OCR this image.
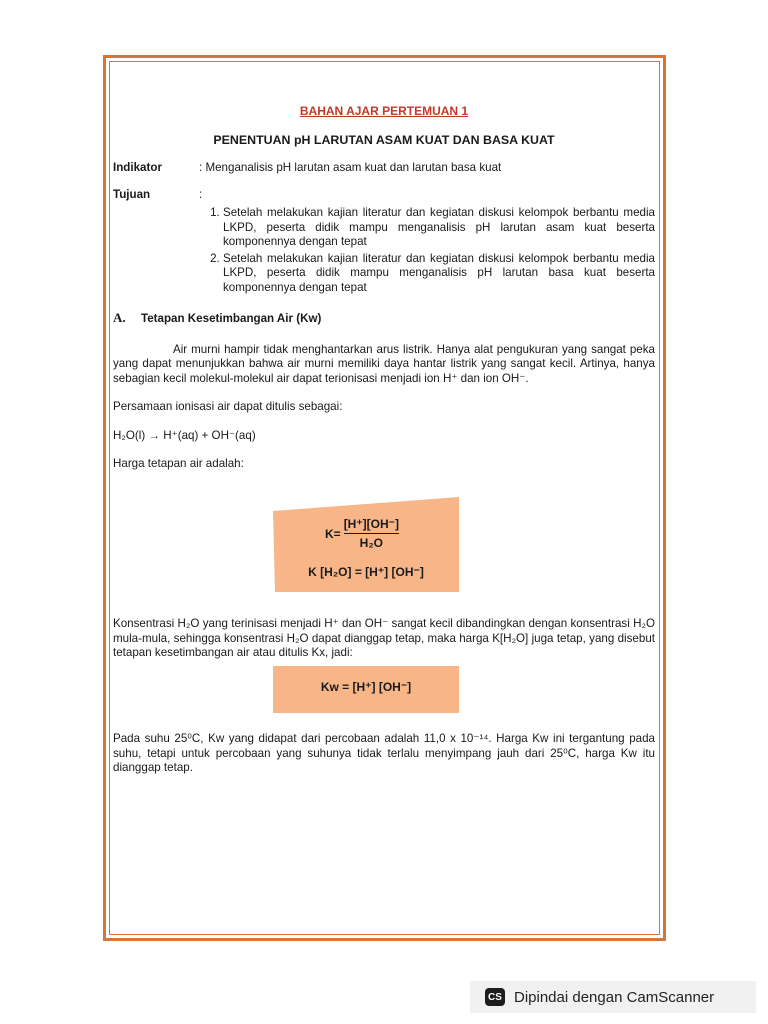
BAHAN AJAR PERTEMUAN 1
PENENTUAN pH LARUTAN ASAM KUAT DAN BASA KUAT
Indikator	: Menganalisis pH larutan asam kuat dan larutan basa kuat
Tujuan	:
1. Setelah melakukan kajian literatur dan kegiatan diskusi kelompok berbantu media LKPD, peserta didik mampu menganalisis pH larutan asam kuat beserta komponennya dengan tepat
2. Setelah melakukan kajian literatur dan kegiatan diskusi kelompok berbantu media LKPD, peserta didik mampu menganalisis pH larutan basa kuat beserta komponennya dengan tepat
A.	Tetapan Kesetimbangan Air (Kw)
Air murni hampir tidak menghantarkan arus listrik. Hanya alat pengukuran yang sangat peka yang dapat menunjukkan bahwa air murni memiliki daya hantar listrik yang sangat kecil. Artinya, hanya sebagian kecil molekul-molekul air dapat terionisasi menjadi ion H⁺ dan ion OH⁻.
Persamaan ionisasi air dapat ditulis sebagai:
H₂O(l) → H⁺(aq) + OH⁻(aq)
Harga tetapan air adalah:
$K= \frac{[H^+][OH^-]}{\text{H₂O}}$
K [H₂O] = [H⁺] [OH⁻]
Konsentrasi H₂O yang terinisasi menjadi H⁺ dan OH⁻ sangat kecil dibandingkan dengan konsentrasi H₂O mula-mula, sehingga konsentrasi H₂O dapat dianggap tetap, maka harga K[H₂O] juga tetap, yang disebut tetapan kesetimbangan air atau ditulis Kx, jadi:
Kw = [H⁺] [OH⁻]
Pada suhu 25⁰C, Kw yang didapat dari percobaan adalah 11,0 x 10⁻¹⁴. Harga Kw ini tergantung pada suhu, tetapi untuk percobaan yang suhunya tidak terlalu menyimpang jauh dari 25⁰C, harga Kw itu dianggap tetap.
CS Dipindai dengan CamScanner
